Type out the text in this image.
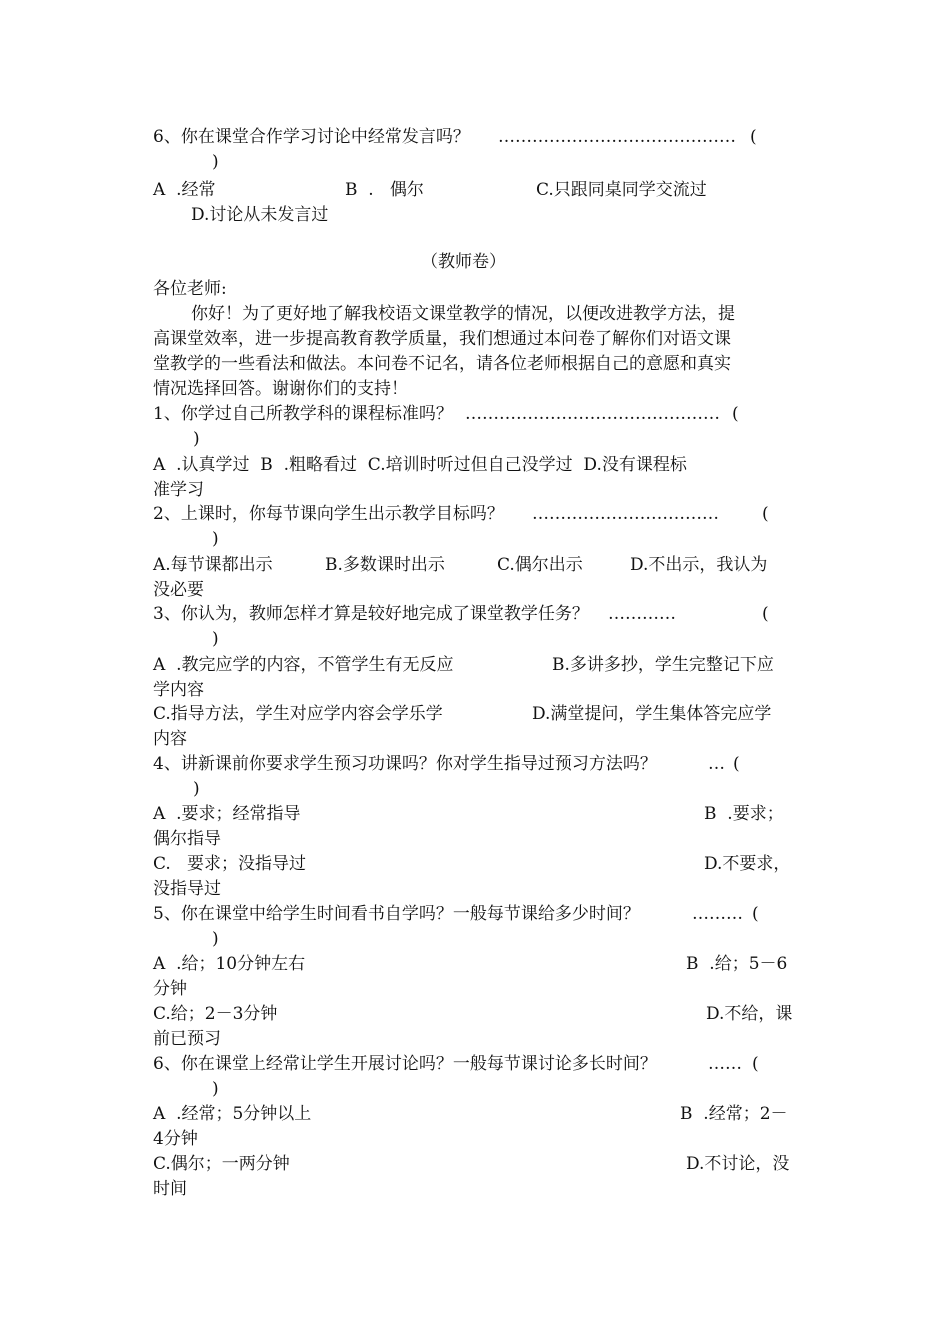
6、你在课堂合作学习讨论中经常发言吗？ …………………………………… (
)
A  .经常	B  .   偶尔	C.只跟同桌同学交流过
D.讨论从未发言过
（教师卷）
各位老师:
你好！为了更好地了解我校语文课堂教学的情况，以便改进教学方法，提
高课堂效率，进一步提高教育教学质量，我们想通过本问卷了解你们对语文课
堂教学的一些看法和做法。本问卷不记名，请各位老师根据自己的意愿和真实
情况选择回答。谢谢你们的支持！
1、你学过自己所教学科的课程标准吗？ ……………………………………… (
)
A  .认真学过  B  .粗略看过  C.培训时听过但自己没学过  D.没有课程标
准学习
2、上课时，你每节课向学生出示教学目标吗？ ……………………………	(
)
A.每节课都出示	B.多数课时出示	C.偶尔出示	D.不出示，我认为
没必要
3、你认为，教师怎样才算是较好地完成了课堂教学任务？ …………	(
)
A  .教完应学的内容，不管学生有无反应	B.多讲多抄，学生完整记下应
学内容
C.指导方法，学生对应学内容会学乐学	D.满堂提问，学生集体答完应学
内容
4、讲新课前你要求学生预习功课吗？你对学生指导过预习方法吗？	… (
)
A  .要求；经常指导	B  .要求；
偶尔指导
C.   要求；没指导过	D.不要求，
没指导过
5、你在课堂中给学生时间看书自学吗？一般每节课给多少时间？	……… (
)
A  .给；10分钟左右	B  .给；5－6
分钟
C.给；2－3分钟	D.不给，课
前已预习
6、你在课堂上经常让学生开展讨论吗？一般每节课讨论多长时间？	…… (
)
A  .经常；5分钟以上	B  .经常；2－
4分钟
C.偶尔；一两分钟	D.不讨论，没
时间
